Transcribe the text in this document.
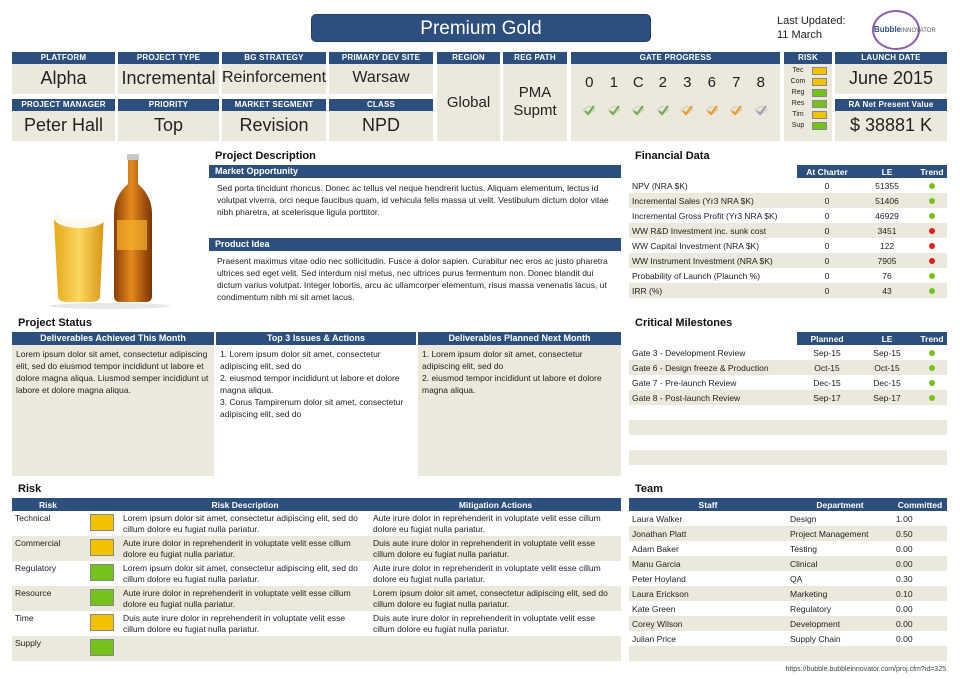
Premium Gold	Last Updated:
11 March	BubbleINNOVATOR
PLATFORM
Alpha
PROJECT TYPE
Incremental
BG STRATEGY
Reinforcement
PRIMARY DEV SITE
Warsaw
REGION
Global
REG PATH
PMA Supmt
GATE PROGRESS
0 1 C 2 3 6 7 8
RISK
Tec
Com
Reg
Res
Tim
Sup
LAUNCH DATE
June 2015
PROJECT MANAGER
Peter Hall
PRIORITY
Top
MARKET SEGMENT
Revision
CLASS
NPD
RA Net Present Value
$ 38881 K
Project Description
Market Opportunity
Sed porta tincidunt rhoncus. Donec ac tellus vel neque hendrerit luctus. Aliquam elementum, lectus id volutpat viverra, orci neque faucibus quam, id vehicula felis massa ut velit. Vestibulum dictum dolor vitae nibh pharetra, at scelerisque ligula porttitor.
Product Idea
Praesent maximus vitae odio nec sollicitudin. Fusce a dolor sapien. Curabitur nec eros ac justo pharetra ultrices sed eget velit. Sed interdum nisl metus, nec ultrices purus fermentum non. Donec blandit dui dictum varius volutpat. Integer lobortis, arcu ac ullamcorper elementum, risus massa venenatis lacus, ut condimentum nibh mi sit amet lacus.
Financial Data
	At Charter	LE	Trend
NPV (NRA $K)	0	51355	
Incremental Sales (Yr3 NRA $K)	0	51406	
Incremental Gross Profit (Yr3 NRA $K)	0	46929	
WW R&D Investment inc. sunk cost	0	3451	
WW Capital Investment (NRA $K)	0	122	
WW Instrument Investment (NRA $K)	0	7905	
Probability of Launch (Plaunch %)	0	76	
IRR (%)	0	43	
Project Status
Deliverables Achieved This Month
Lorem ipsum dolor sit amet, consectetur adipiscing elit, sed do eiusmod tempor incididunt ut labore et dolore magna aliqua. Liusmod semper incididunt ut labore et dolore magna aliqua.
Top 3 Issues & Actions
1. Lorem ipsum dolor sit amet, consectetur adipiscing elit, sed do
2. eiusmod tempor incididunt ut labore et dolore magna aliqua.
3. Corus Tampirenum dolor sit amet, consectetur adipiscing elit, sed do
Deliverables Planned Next Month
1. Lorem ipsum dolor sit amet, consectetur adipiscing elit, sed do
2. eiusmod tempor incididunt ut labore et dolore magna aliqua.
Critical Milestones
	Planned	LE	Trend
Gate 3 - Development Review	Sep-15	Sep-15	
Gate 6 - Design freeze & Production	Oct-15	Oct-15	
Gate 7 - Pre-launch Review	Dec-15	Dec-15	
Gate 8 - Post-launch Review	Sep-17	Sep-17	

Risk
Risk		Risk Description	Mitigation Actions
Technical		Lorem ipsum dolor sit amet, consectetur adipiscing elit, sed do cillum dolore eu fugiat nulla pariatur.	Aute irure dolor in reprehenderit in voluptate velit esse cillum dolore eu fugiat nulla pariatur.
Commercial		Aute irure dolor in reprehenderit in voluptate velit esse cillum dolore eu fugiat nulla pariatur.	Duis aute irure dolor in reprehenderit in voluptate velit esse cillum dolore eu fugiat nulla pariatur.
Regulatory		Lorem ipsum dolor sit amet, consectetur adipiscing elit, sed do cillum dolore eu fugiat nulla pariatur.	Aute irure dolor in reprehenderit in voluptate velit esse cillum dolore eu fugiat nulla pariatur.
Resource		Aute irure dolor in reprehenderit in voluptate velit esse cillum dolore eu fugiat nulla pariatur.	Lorem ipsum dolor sit amet, consectetur adipiscing elit, sed do cillum dolore eu fugiat nulla pariatur.
Time		Duis aute irure dolor in reprehenderit in voluptate velit esse cillum dolore eu fugiat nulla pariatur.	Duis aute irure dolor in reprehenderit in voluptate velit esse cillum dolore eu fugiat nulla pariatur.
Supply			
Team
Staff	Department	Committed
Laura Walker	Design	1.00
Jonathan Platt	Project Management	0.50
Adam Baker	Testing	0.00
Manu Garcia	Clinical	0.00
Peter Hoyland	QA	0.30
Laura Erickson	Marketing	0.10
Kate Green	Regulatory	0.00
Corey Wilson	Development	0.00
Julian Price	Supply Chain	0.00

https://bubble.bubbleinnovator.com/proj.cfm?id=325
